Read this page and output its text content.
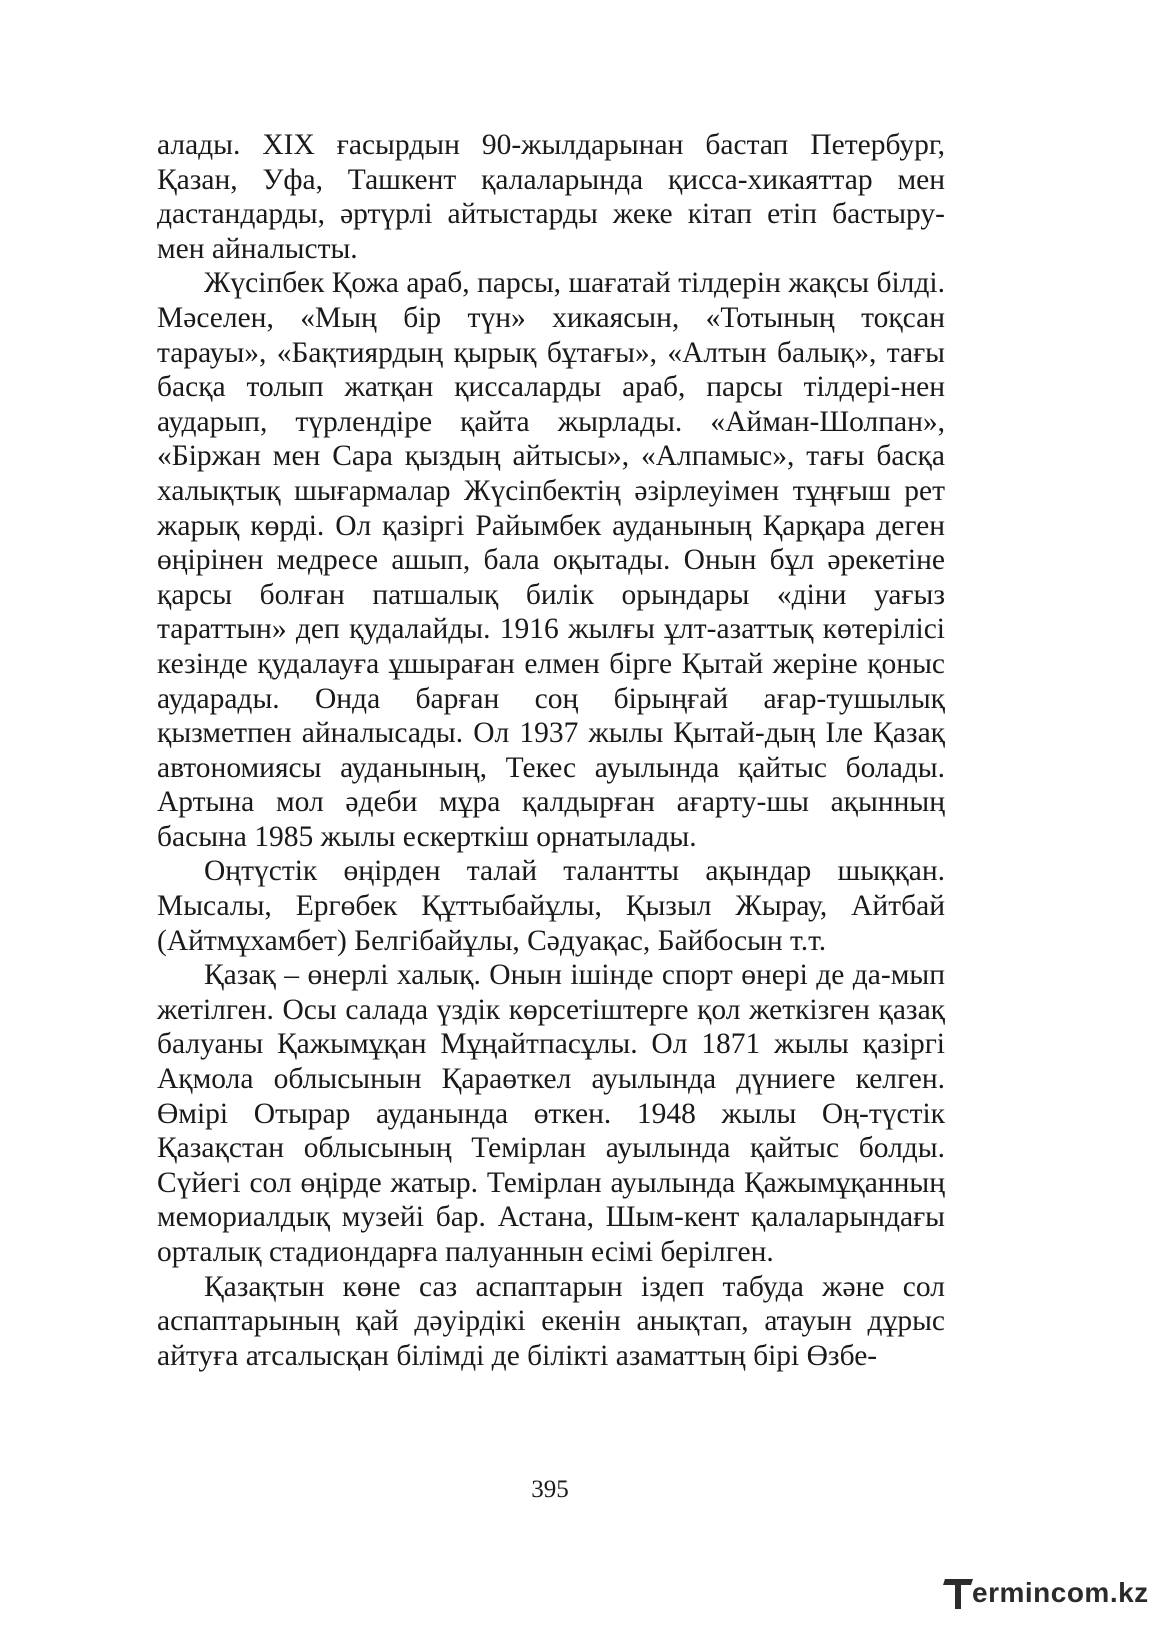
алады. XIX ғасырдын 90-жылдарынан бастап Петербург, Қазан, Уфа, Ташкент қалаларында қисса-хикаяттар мен дастандарды, әртүрлі айтыстарды жеке кітап етіп бастыру-мен айналысты.

Жүсіпбек Қожа араб, парсы, шағатай тілдерін жақсы білді. Мәселен, «Мың бір түн» хикаясын, «Тотының тоқсан тарауы», «Бақтиярдың қырық бұтағы», «Алтын балық», тағы басқа толып жатқан қиссаларды араб, парсы тілдері-нен аударып, түрлендіре қайта жырлады. «Айман-Шолпан», «Біржан мен Сара қыздың айтысы», «Алпамыс», тағы басқа халықтық шығармалар Жүсіпбектің әзірлеуімен тұңғыш рет жарық көрді. Ол қазіргі Райымбек ауданының Қарқара деген өңірінен медресе ашып, бала оқытады. Онын бұл әрекетіне қарсы болған патшалық билік орындары «діни уағыз тараттын» деп қудалайды. 1916 жылғы ұлт-азаттық көтерілісі кезінде қудалауға ұшыраған елмен бірге Қытай жеріне қоныс аударады. Онда барған соң бірыңғай ағар-тушылық қызметпен айналысады. Ол 1937 жылы Қытай-дың Іле Қазақ автономиясы ауданының, Текес ауылында қайтыс болады. Артына мол әдеби мұра қалдырған ағарту-шы ақынның басына 1985 жылы ескерткіш орнатылады.

Оңтүстік өңірден талай талантты ақындар шыққан. Мысалы, Ергөбек Құттыбайұлы, Қызыл Жырау, Айтбай (Айтмұхамбет) Белгібайұлы, Сәдуақас, Байбосын т.т.

Қазақ – өнерлі халық. Онын ішінде спорт өнері де да-мып жетілген. Осы салада үздік көрсетіштерге қол жеткізген қазақ балуаны Қажымұқан Мұңайтпасұлы. Ол 1871 жылы қазіргі Ақмола облысынын Қараөткел ауылында дүниеге келген. Өмірі Отырар ауданында өткен. 1948 жылы Оң-түстік Қазақстан облысының Темірлан ауылында қайтыс болды. Сүйегі сол өңірде жатыр. Темірлан ауылында Қажымұқанның мемориалдық музейі бар. Астана, Шым-кент қалаларындағы орталық стадиондарға палуаннын есімі берілген.

Қазақтын көне саз аспаптарын іздеп табуда және сол аспаптарының қай дәуірдікі екенін анықтап, атауын дұрыс айтуға атсалысқан білімді де білікті азаматтың бірі Өзбе-

395
ermincom.kz
